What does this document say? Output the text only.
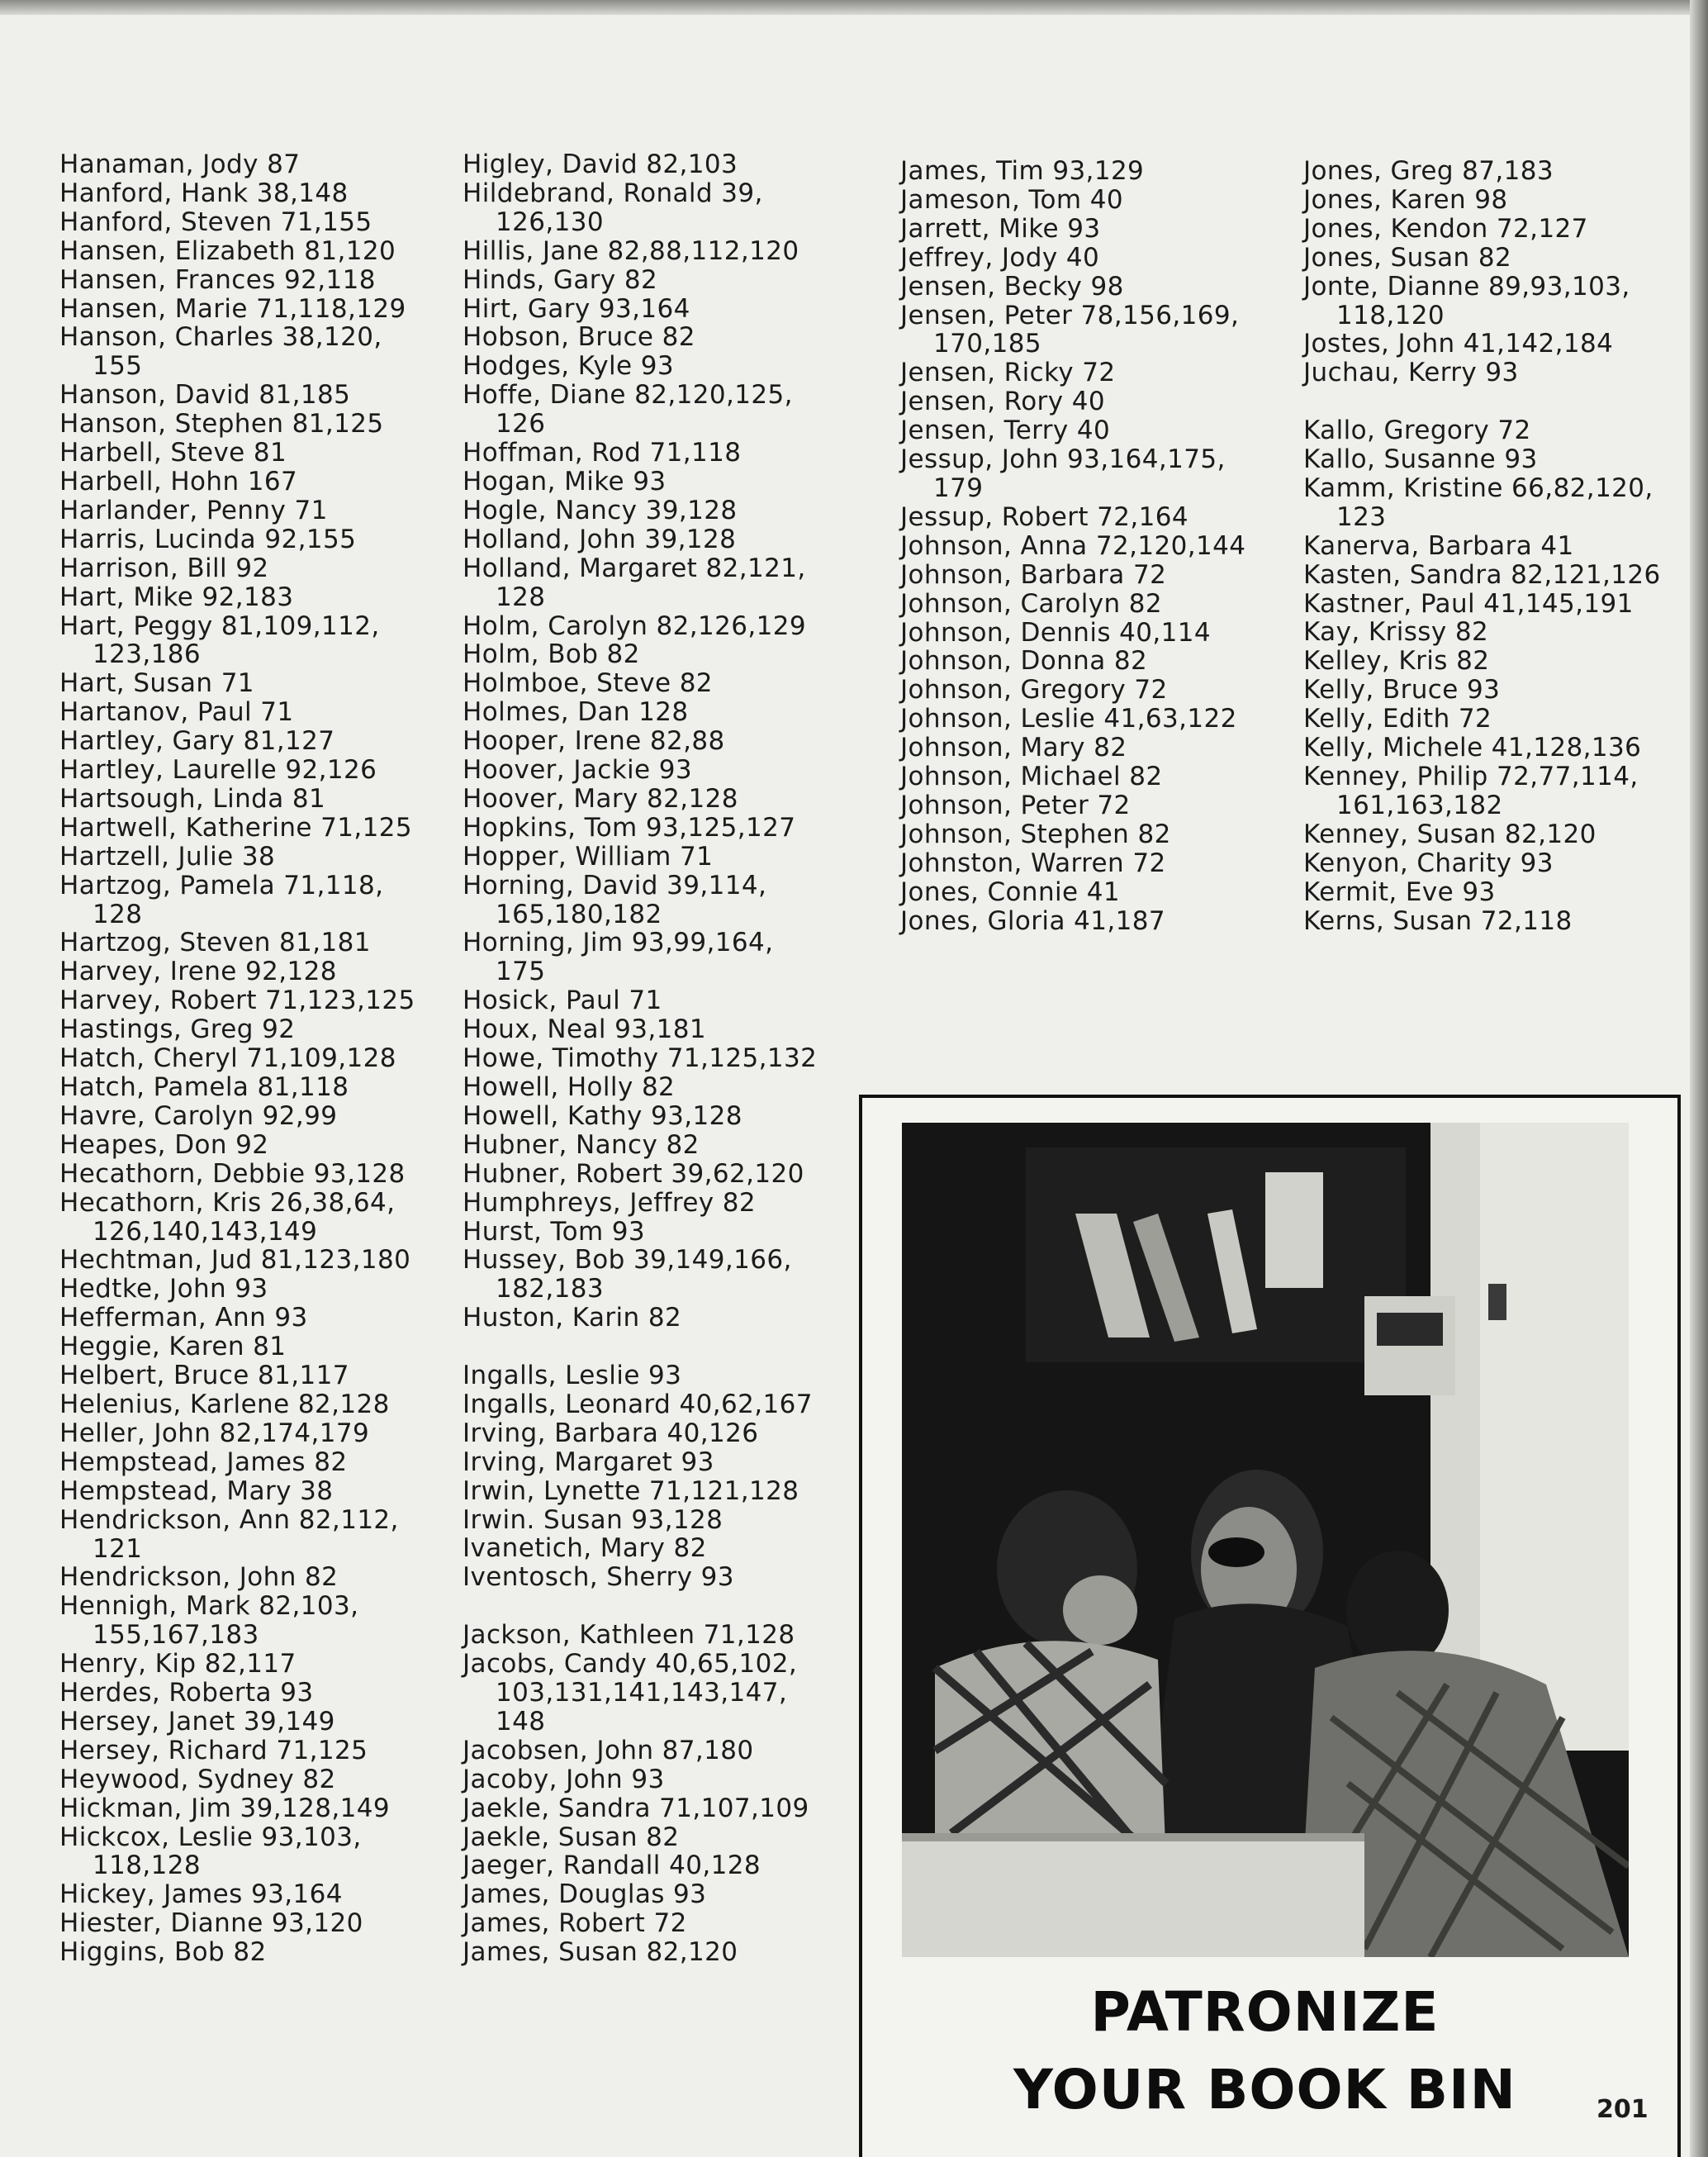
Hanaman, Jody 87
Hanford, Hank 38,148
Hanford, Steven 71,155
Hansen, Elizabeth 81,120
Hansen, Frances 92,118
Hansen, Marie 71,118,129
Hanson, Charles 38,120,
155
Hanson, David 81,185
Hanson, Stephen 81,125
Harbell, Steve 81
Harbell, Hohn 167
Harlander, Penny 71
Harris, Lucinda 92,155
Harrison, Bill 92
Hart, Mike 92,183
Hart, Peggy 81,109,112,
123,186
Hart, Susan 71
Hartanov, Paul 71
Hartley, Gary 81,127
Hartley, Laurelle 92,126
Hartsough, Linda 81
Hartwell, Katherine 71,125
Hartzell, Julie 38
Hartzog, Pamela 71,118,
128
Hartzog, Steven 81,181
Harvey, Irene 92,128
Harvey, Robert 71,123,125
Hastings, Greg 92
Hatch, Cheryl 71,109,128
Hatch, Pamela 81,118
Havre, Carolyn 92,99
Heapes, Don 92
Hecathorn, Debbie 93,128
Hecathorn, Kris 26,38,64,
126,140,143,149
Hechtman, Jud 81,123,180
Hedtke, John 93
Hefferman, Ann 93
Heggie, Karen 81
Helbert, Bruce 81,117
Helenius, Karlene 82,128
Heller, John 82,174,179
Hempstead, James 82
Hempstead, Mary 38
Hendrickson, Ann 82,112,
121
Hendrickson, John 82
Hennigh, Mark 82,103,
155,167,183
Henry, Kip 82,117
Herdes, Roberta 93
Hersey, Janet 39,149
Hersey, Richard 71,125
Heywood, Sydney 82
Hickman, Jim 39,128,149
Hickcox, Leslie 93,103,
118,128
Hickey, James 93,164
Hiester, Dianne 93,120
Higgins, Bob 82
Higley, David 82,103
Hildebrand, Ronald 39,
126,130
Hillis, Jane 82,88,112,120
Hinds, Gary 82
Hirt, Gary 93,164
Hobson, Bruce 82
Hodges, Kyle 93
Hoffe, Diane 82,120,125,
126
Hoffman, Rod 71,118
Hogan, Mike 93
Hogle, Nancy 39,128
Holland, John 39,128
Holland, Margaret 82,121,
128
Holm, Carolyn 82,126,129
Holm, Bob 82
Holmboe, Steve 82
Holmes, Dan 128
Hooper, Irene 82,88
Hoover, Jackie 93
Hoover, Mary 82,128
Hopkins, Tom 93,125,127
Hopper, William 71
Horning, David 39,114,
165,180,182
Horning, Jim 93,99,164,
175
Hosick, Paul 71
Houx, Neal 93,181
Howe, Timothy 71,125,132
Howell, Holly 82
Howell, Kathy 93,128
Hubner, Nancy 82
Hubner, Robert 39,62,120
Humphreys, Jeffrey 82
Hurst, Tom 93
Hussey, Bob 39,149,166,
182,183
Huston, Karin 82
Ingalls, Leslie 93
Ingalls, Leonard 40,62,167
Irving, Barbara 40,126
Irving, Margaret 93
Irwin, Lynette 71,121,128
Irwin. Susan 93,128
Ivanetich, Mary 82
Iventosch, Sherry 93
Jackson, Kathleen 71,128
Jacobs, Candy 40,65,102,
103,131,141,143,147,
148
Jacobsen, John 87,180
Jacoby, John 93
Jaekle, Sandra 71,107,109
Jaekle, Susan 82
Jaeger, Randall 40,128
James, Douglas 93
James, Robert 72
James, Susan 82,120
James, Tim 93,129
Jameson, Tom 40
Jarrett, Mike 93
Jeffrey, Jody 40
Jensen, Becky 98
Jensen, Peter 78,156,169,
170,185
Jensen, Ricky 72
Jensen, Rory 40
Jensen, Terry 40
Jessup, John 93,164,175,
179
Jessup, Robert 72,164
Johnson, Anna 72,120,144
Johnson, Barbara 72
Johnson, Carolyn 82
Johnson, Dennis 40,114
Johnson, Donna 82
Johnson, Gregory 72
Johnson, Leslie 41,63,122
Johnson, Mary 82
Johnson, Michael 82
Johnson, Peter 72
Johnson, Stephen 82
Johnston, Warren 72
Jones, Connie 41
Jones, Gloria 41,187
Jones, Greg 87,183
Jones, Karen 98
Jones, Kendon 72,127
Jones, Susan 82
Jonte, Dianne 89,93,103,
118,120
Jostes, John 41,142,184
Juchau, Kerry 93
Kallo, Gregory 72
Kallo, Susanne 93
Kamm, Kristine 66,82,120,
123
Kanerva, Barbara 41
Kasten, Sandra 82,121,126
Kastner, Paul 41,145,191
Kay, Krissy 82
Kelley, Kris 82
Kelly, Bruce 93
Kelly, Edith 72
Kelly, Michele 41,128,136
Kenney, Philip 72,77,114,
161,163,182
Kenney, Susan 82,120
Kenyon, Charity 93
Kermit, Eve 93
Kerns, Susan 72,118
PATRONIZE
YOUR BOOK BIN	201
